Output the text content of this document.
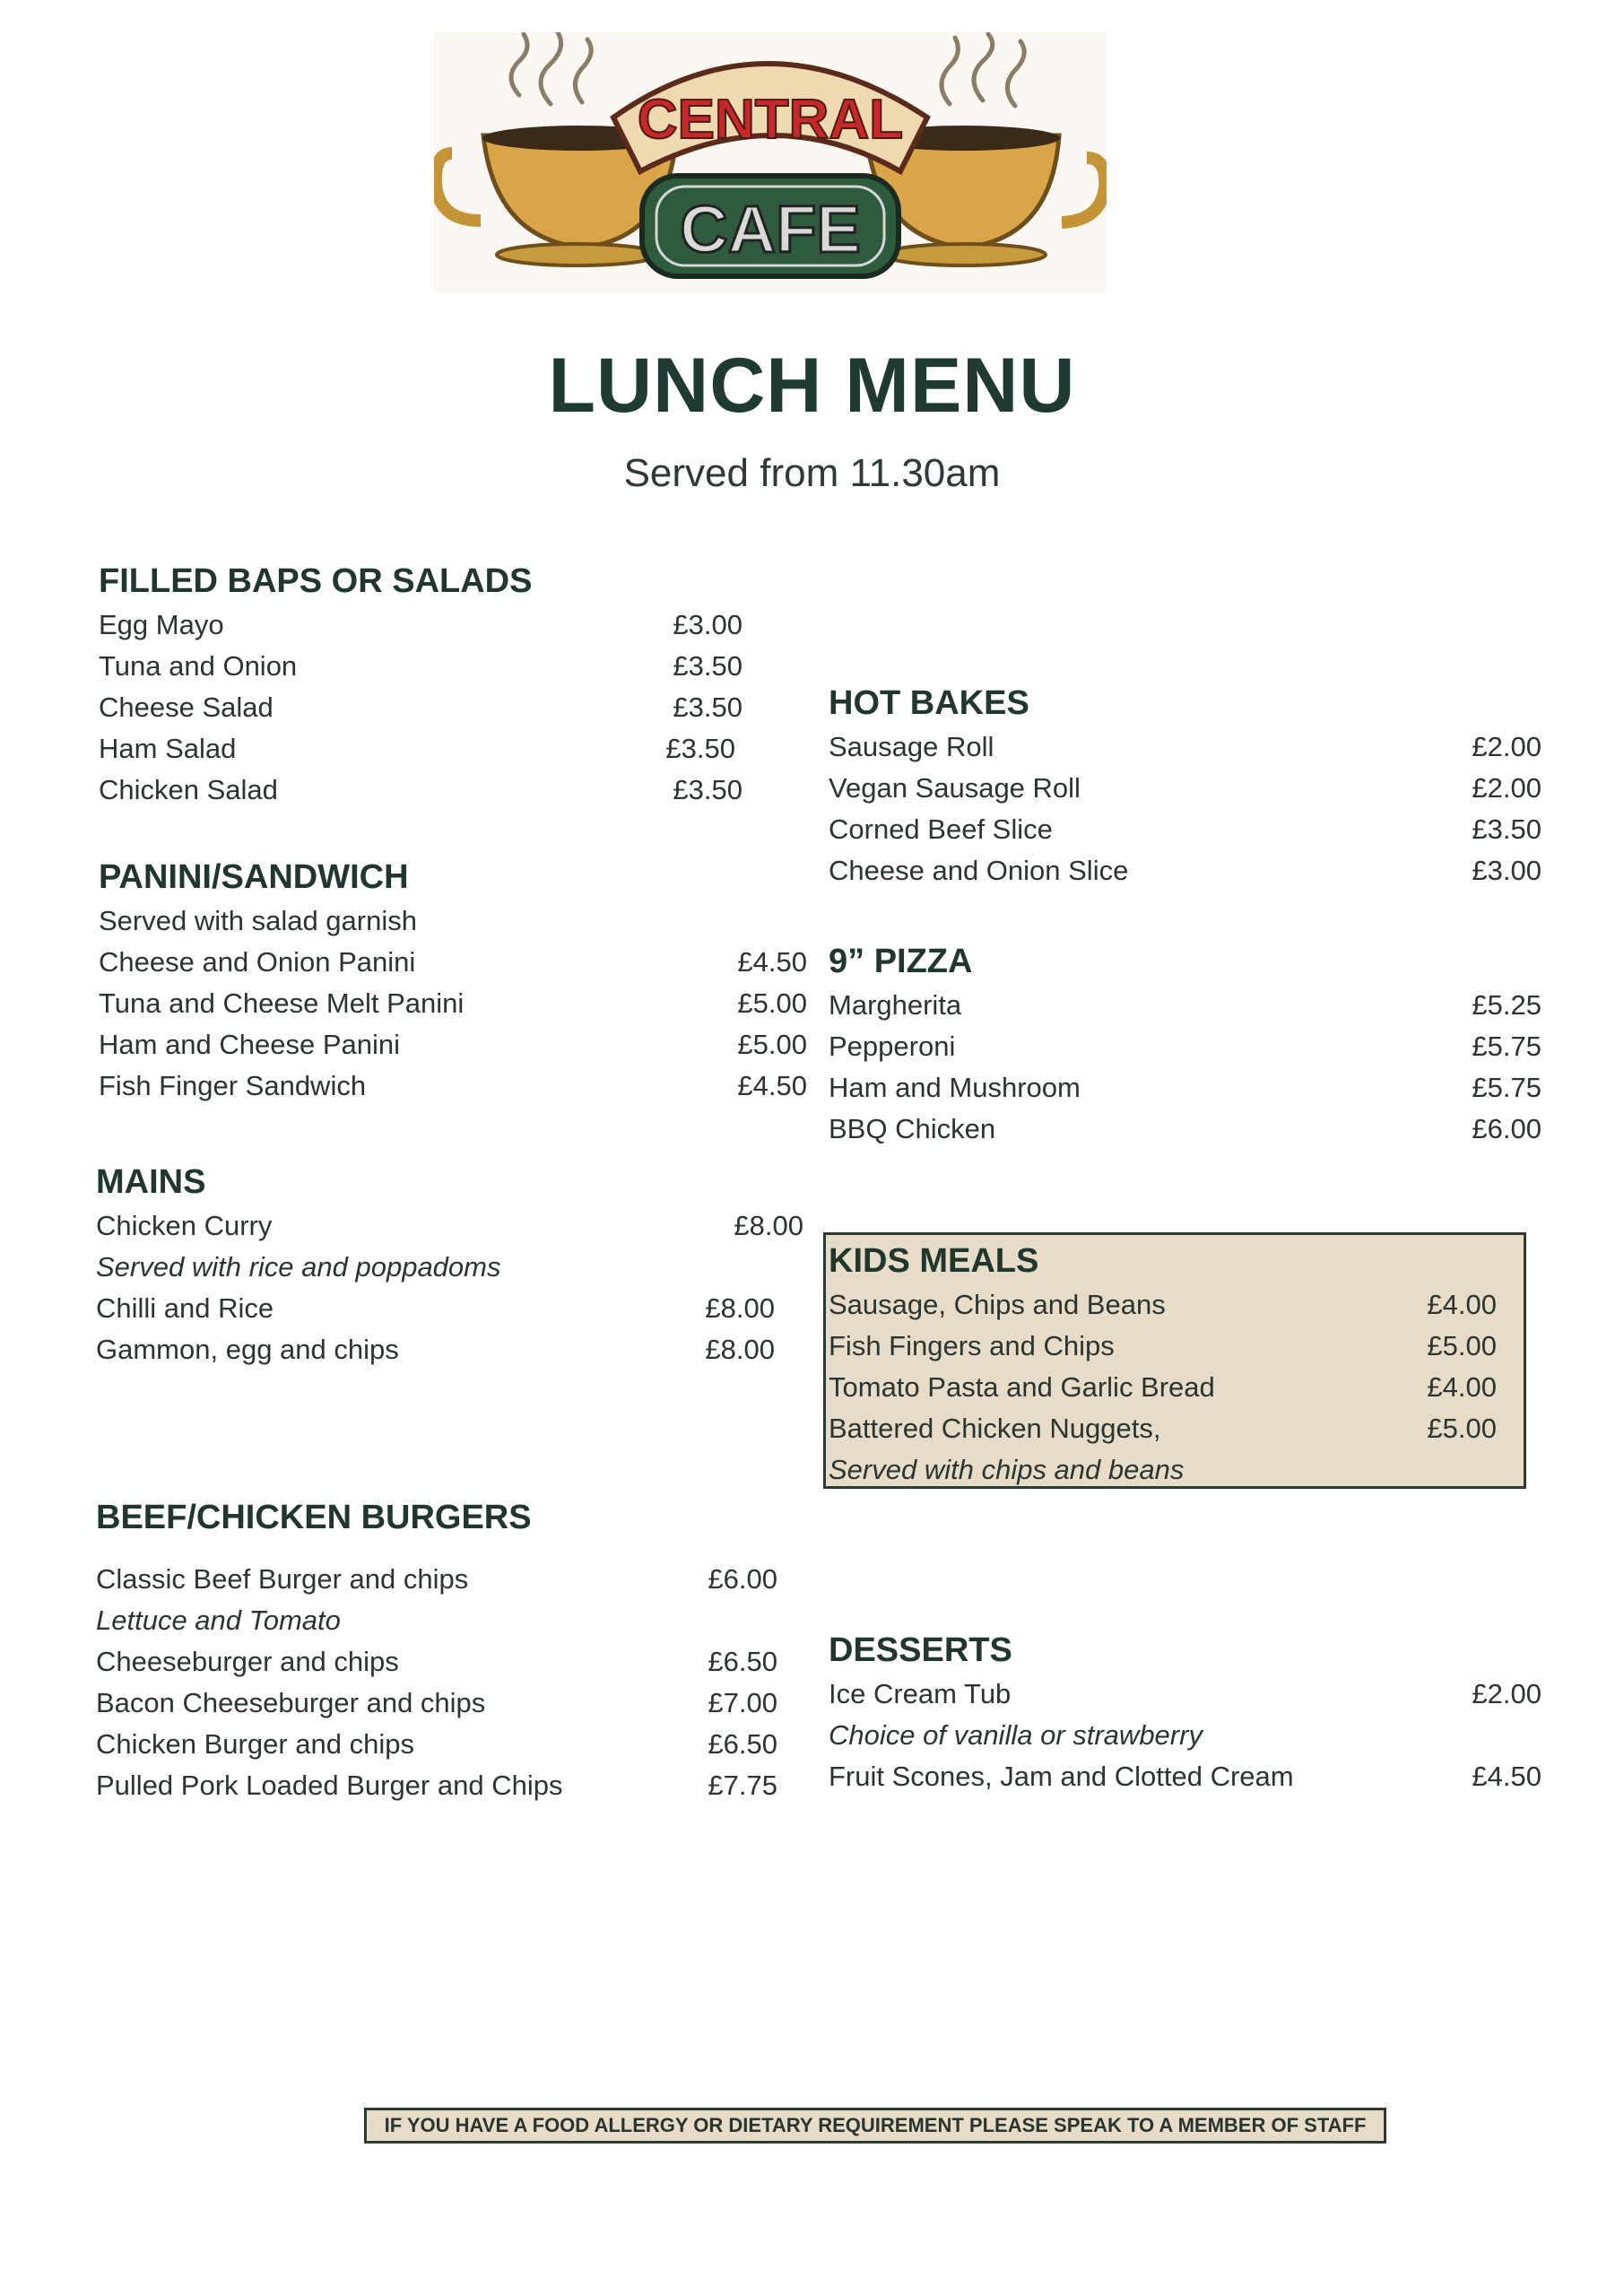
CENTRAL
CAFE
LUNCH MENU
Served from 11.30am
FILLED BAPS OR SALADS
Egg Mayo	£3.00
Tuna and Onion	£3.50
Cheese Salad	£3.50
Ham Salad	£3.50
Chicken Salad	£3.50
PANINI/SANDWICH
Served with salad garnish
Cheese and Onion Panini	£4.50
Tuna and Cheese Melt Panini	£5.00
Ham and Cheese Panini	£5.00
Fish Finger Sandwich	£4.50
MAINS
Chicken Curry	£8.00
Served with rice and poppadoms
Chilli and Rice	£8.00
Gammon, egg and chips	£8.00
BEEF/CHICKEN BURGERS
Classic Beef Burger and chips	£6.00
Lettuce and Tomato
Cheeseburger and chips	£6.50
Bacon Cheeseburger and chips	£7.00
Chicken Burger and chips	£6.50
Pulled Pork Loaded Burger and Chips	£7.75
HOT BAKES
Sausage Roll	£2.00
Vegan Sausage Roll	£2.00
Corned Beef Slice	£3.50
Cheese and Onion Slice	£3.00
9” PIZZA
Margherita	£5.25
Pepperoni	£5.75
Ham and Mushroom	£5.75
BBQ Chicken	£6.00
KIDS MEALS
Sausage, Chips and Beans	£4.00
Fish Fingers and Chips	£5.00
Tomato Pasta and Garlic Bread	£4.00
Battered Chicken Nuggets,	£5.00
Served with chips and beans
DESSERTS
Ice Cream Tub	£2.00
Choice of vanilla or strawberry
Fruit Scones, Jam and Clotted Cream	£4.50
IF YOU HAVE A FOOD ALLERGY OR DIETARY REQUIREMENT PLEASE SPEAK TO A MEMBER OF STAFF
